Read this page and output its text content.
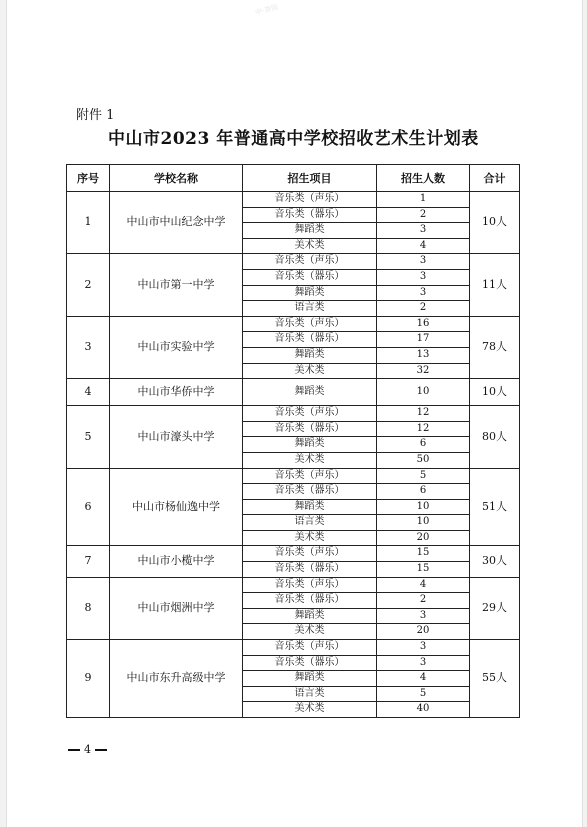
中·查阅
附件 1
中山市2023 年普通高中学校招收艺术生计划表
序号	学校名称	招生项目	招生人数	合计
1	中山市中山纪念中学	音乐类（声乐）	1	10人
		音乐类（器乐）	2	
		舞蹈类	3	
		美术类	4	
2	中山市第一中学	音乐类（声乐）	3	11人
		音乐类（器乐）	3	
		舞蹈类	3	
		语言类	2	
3	中山市实验中学	音乐类（声乐）	16	78人
		音乐类（器乐）	17	
		舞蹈类	13	
		美术类	32	
4	中山市华侨中学	舞蹈类	10	10人
5	中山市濠头中学	音乐类（声乐）	12	80人
		音乐类（器乐）	12	
		舞蹈类	6	
		美术类	50	
6	中山市杨仙逸中学	音乐类（声乐）	5	51人
		音乐类（器乐）	6	
		舞蹈类	10	
		语言类	10	
		美术类	20	
7	中山市小榄中学	音乐类（声乐）	15	30人
		音乐类（器乐）	15	
8	中山市烟洲中学	音乐类（声乐）	4	29人
		音乐类（器乐）	2	
		舞蹈类	3	
		美术类	20	
9	中山市东升高级中学	音乐类（声乐）	3	55人
		音乐类（器乐）	3	
		舞蹈类	4	
		语言类	5	
		美术类	40	
4
